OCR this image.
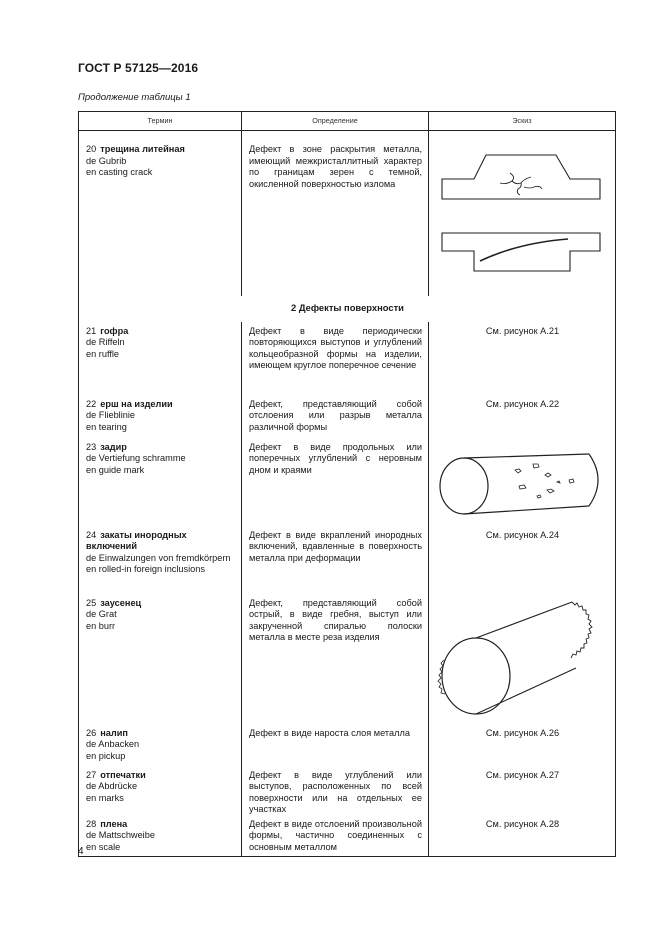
ГОСТ Р 57125—2016
Продолжение таблицы 1
Термин	Определение	Эскиз
20 трещина литейная
de Gubrib
en casting crack	Дефект в зоне раскрытия металла, имеющий межкристаллитный характер по границам зерен с темной, окисленной поверхностью излома	

2 Дефекты поверхности		

21 гофра
de Riffeln
en ruffle	Дефект в виде периодически повторяющихся выступов и углублений кольцеобразной формы на изделии, имеющем круглое поперечное сечение	См. рисунок А.21

22 ерш на изделии
de Flieblinie
en tearing	Дефект, представляющий собой отслоения или разрыв металла различной формы	См. рисунок А.22

23 задир
de Vertiefung schramme
en guide mark	Дефект в виде продольных или поперечных углублений с неровным дном и краями	

24 закаты инородных включений
de Einwalzungen von fremdkörpern
en rolled-in foreign inclusions	Дефект в виде вкраплений инородных включений, вдавленные в поверхность металла при деформации	См. рисунок А.24

25 заусенец
de Grat
en burr	Дефект, представляющий собой острый, в виде гребня, выступ или закрученной спиралью полоски металла в месте реза изделия	

26 налип
de Anbacken
en pickup	Дефект в виде нароста слоя металла	См. рисунок А.26

27 отпечатки
de Abdrücke
en marks	Дефект в виде углублений или выступов, расположенных по всей поверхности или на отдельных ее участках	См. рисунок А.27

28 плена
de Mattschweibe
en scale	Дефект в виде отслоений произвольной формы, частично соединенных с основным металлом	См. рисунок А.28
4
